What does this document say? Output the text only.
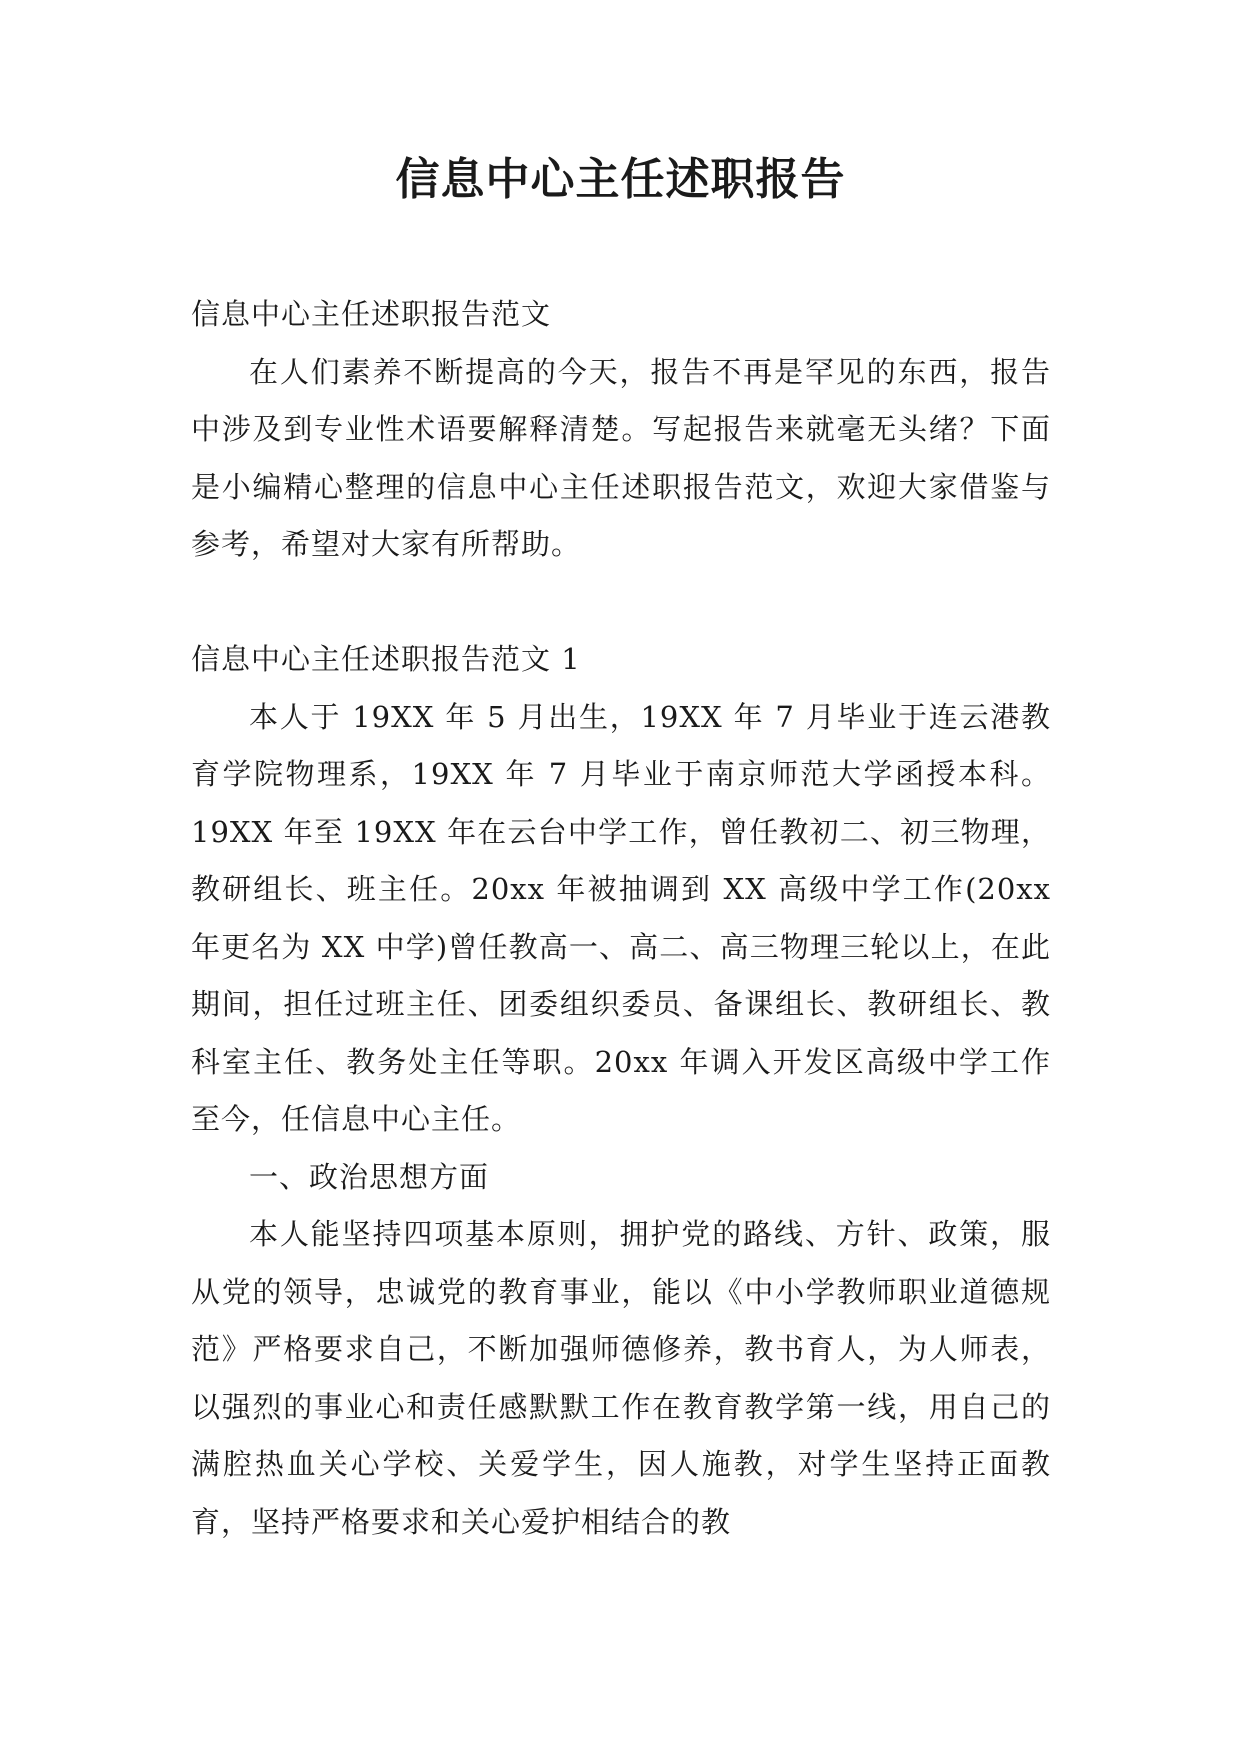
信息中心主任述职报告

信息中心主任述职报告范文

在人们素养不断提高的今天，报告不再是罕见的东西，报告中涉及到专业性术语要解释清楚。写起报告来就毫无头绪？下面是小编精心整理的信息中心主任述职报告范文，欢迎大家借鉴与参考，希望对大家有所帮助。

信息中心主任述职报告范文 1

本人于 19XX 年 5 月出生，19XX 年 7 月毕业于连云港教育学院物理系，19XX 年 7 月毕业于南京师范大学函授本科。19XX 年至 19XX 年在云台中学工作，曾任教初二、初三物理，教研组长、班主任。20xx 年被抽调到 XX 高级中学工作(20xx 年更名为 XX 中学)曾任教高一、高二、高三物理三轮以上，在此期间，担任过班主任、团委组织委员、备课组长、教研组长、教科室主任、教务处主任等职。20xx 年调入开发区高级中学工作至今，任信息中心主任。

一、政治思想方面

本人能坚持四项基本原则，拥护党的路线、方针、政策，服从党的领导，忠诚党的教育事业，能以《中小学教师职业道德规范》严格要求自己，不断加强师德修养，教书育人，为人师表，以强烈的事业心和责任感默默工作在教育教学第一线，用自己的满腔热血关心学校、关爱学生，因人施教，对学生坚持正面教育，坚持严格要求和关心爱护相结合的教
